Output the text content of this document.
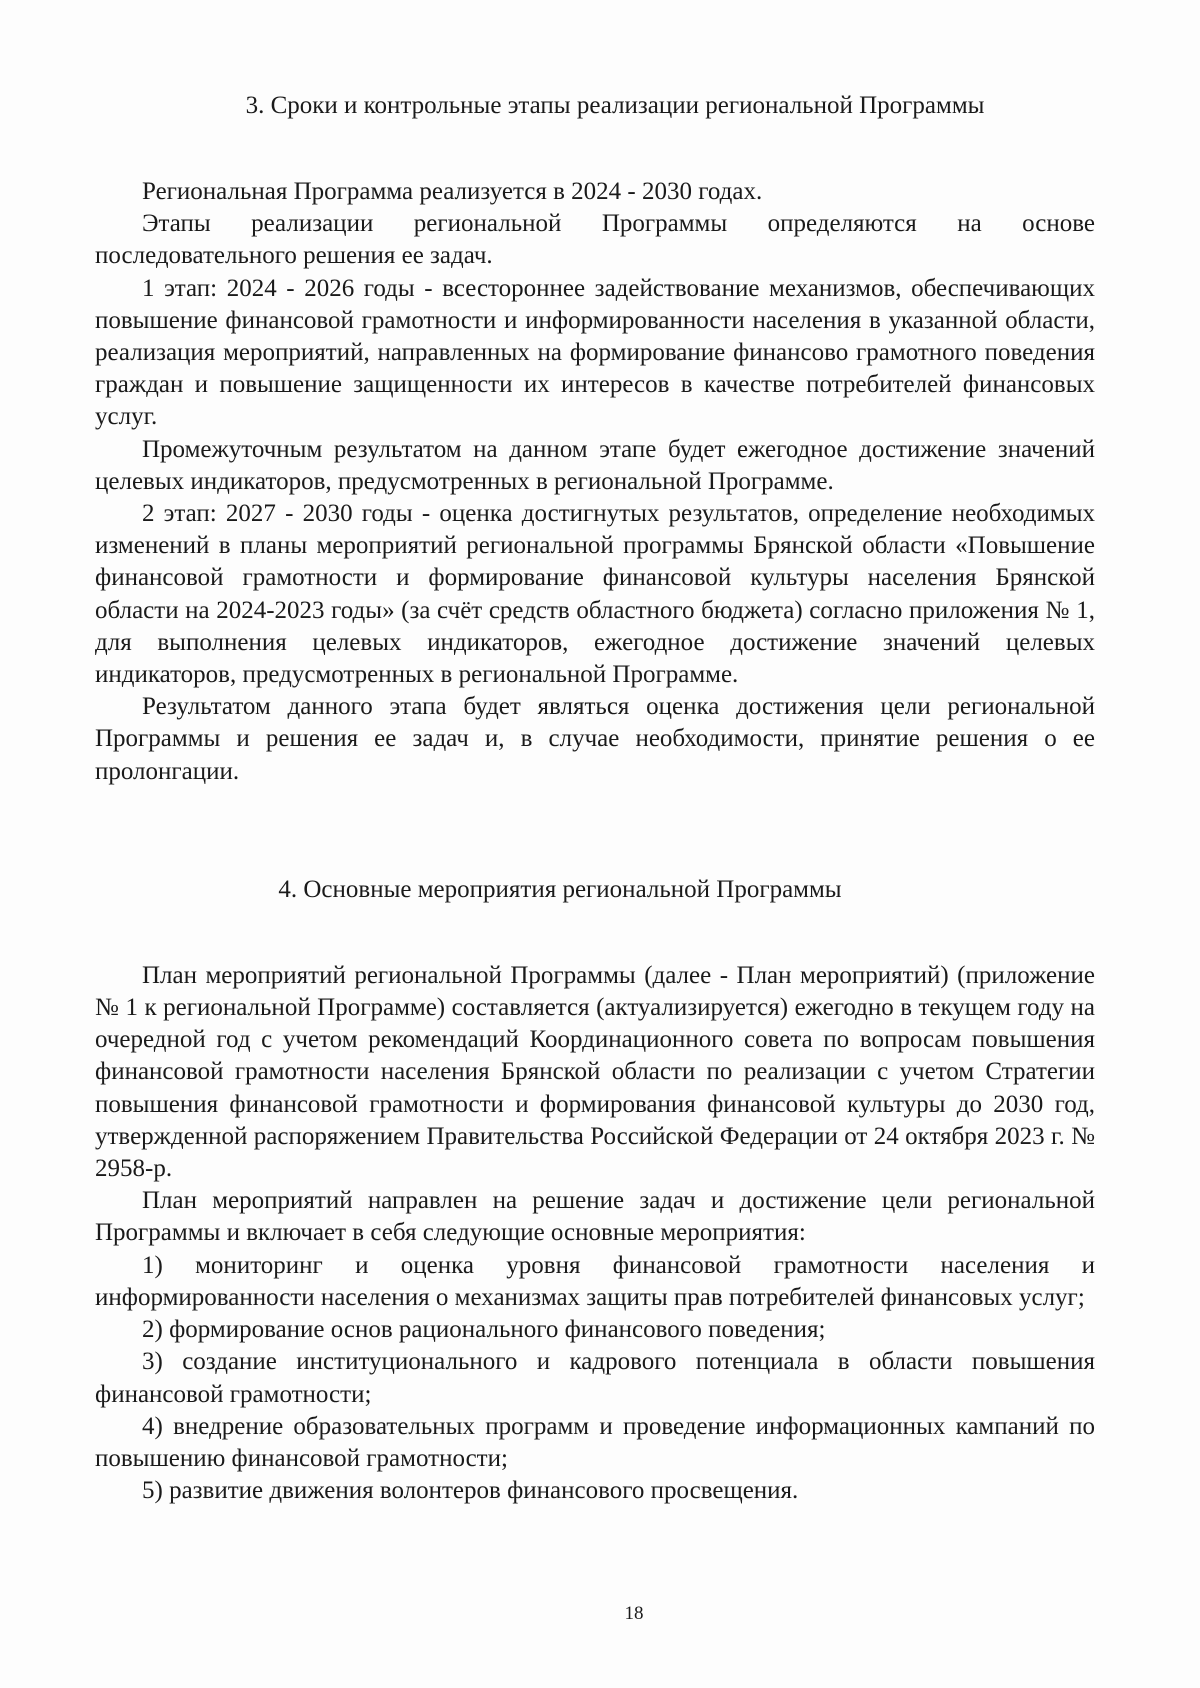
3. Сроки и контрольные этапы реализации региональной Программы

Региональная Программа реализуется в 2024 - 2030 годах.

Этапы реализации региональной Программы определяются на основе последовательного решения ее задач.

1 этап: 2024 - 2026 годы - всестороннее задействование механизмов, обеспечивающих повышение финансовой грамотности и информированности населения в указанной области, реализация мероприятий, направленных на формирование финансово грамотного поведения граждан и повышение защищенности их интересов в качестве потребителей финансовых услуг.

Промежуточным результатом на данном этапе будет ежегодное достижение значений целевых индикаторов, предусмотренных в региональной Программе.

2 этап: 2027 - 2030 годы - оценка достигнутых результатов, определение необходимых изменений в планы мероприятий региональной программы Брянской области «Повышение финансовой грамотности и формирование финансовой культуры населения Брянской области на 2024-2023 годы» (за счёт средств областного бюджета) согласно приложения № 1, для выполнения целевых индикаторов, ежегодное достижение значений целевых индикаторов, предусмотренных в региональной Программе.

Результатом данного этапа будет являться оценка достижения цели региональной Программы и решения ее задач и, в случае необходимости, принятие решения о ее пролонгации.

4. Основные мероприятия региональной Программы

План мероприятий региональной Программы (далее - План мероприятий) (приложение № 1 к региональной Программе) составляется (актуализируется) ежегодно в текущем году на очередной год с учетом рекомендаций Координационного совета по вопросам повышения финансовой грамотности населения Брянской области по реализации с учетом Стратегии повышения финансовой грамотности и формирования финансовой культуры до 2030 год, утвержденной распоряжением Правительства Российской Федерации от 24 октября 2023 г. № 2958-р.

План мероприятий направлен на решение задач и достижение цели региональной Программы и включает в себя следующие основные мероприятия:

1) мониторинг и оценка уровня финансовой грамотности населения и информированности населения о механизмах защиты прав потребителей финансовых услуг;

2) формирование основ рационального финансового поведения;

3) создание институционального и кадрового потенциала в области повышения финансовой грамотности;

4) внедрение образовательных программ и проведение информационных кампаний по повышению финансовой грамотности;

5) развитие движения волонтеров финансового просвещения.

18
